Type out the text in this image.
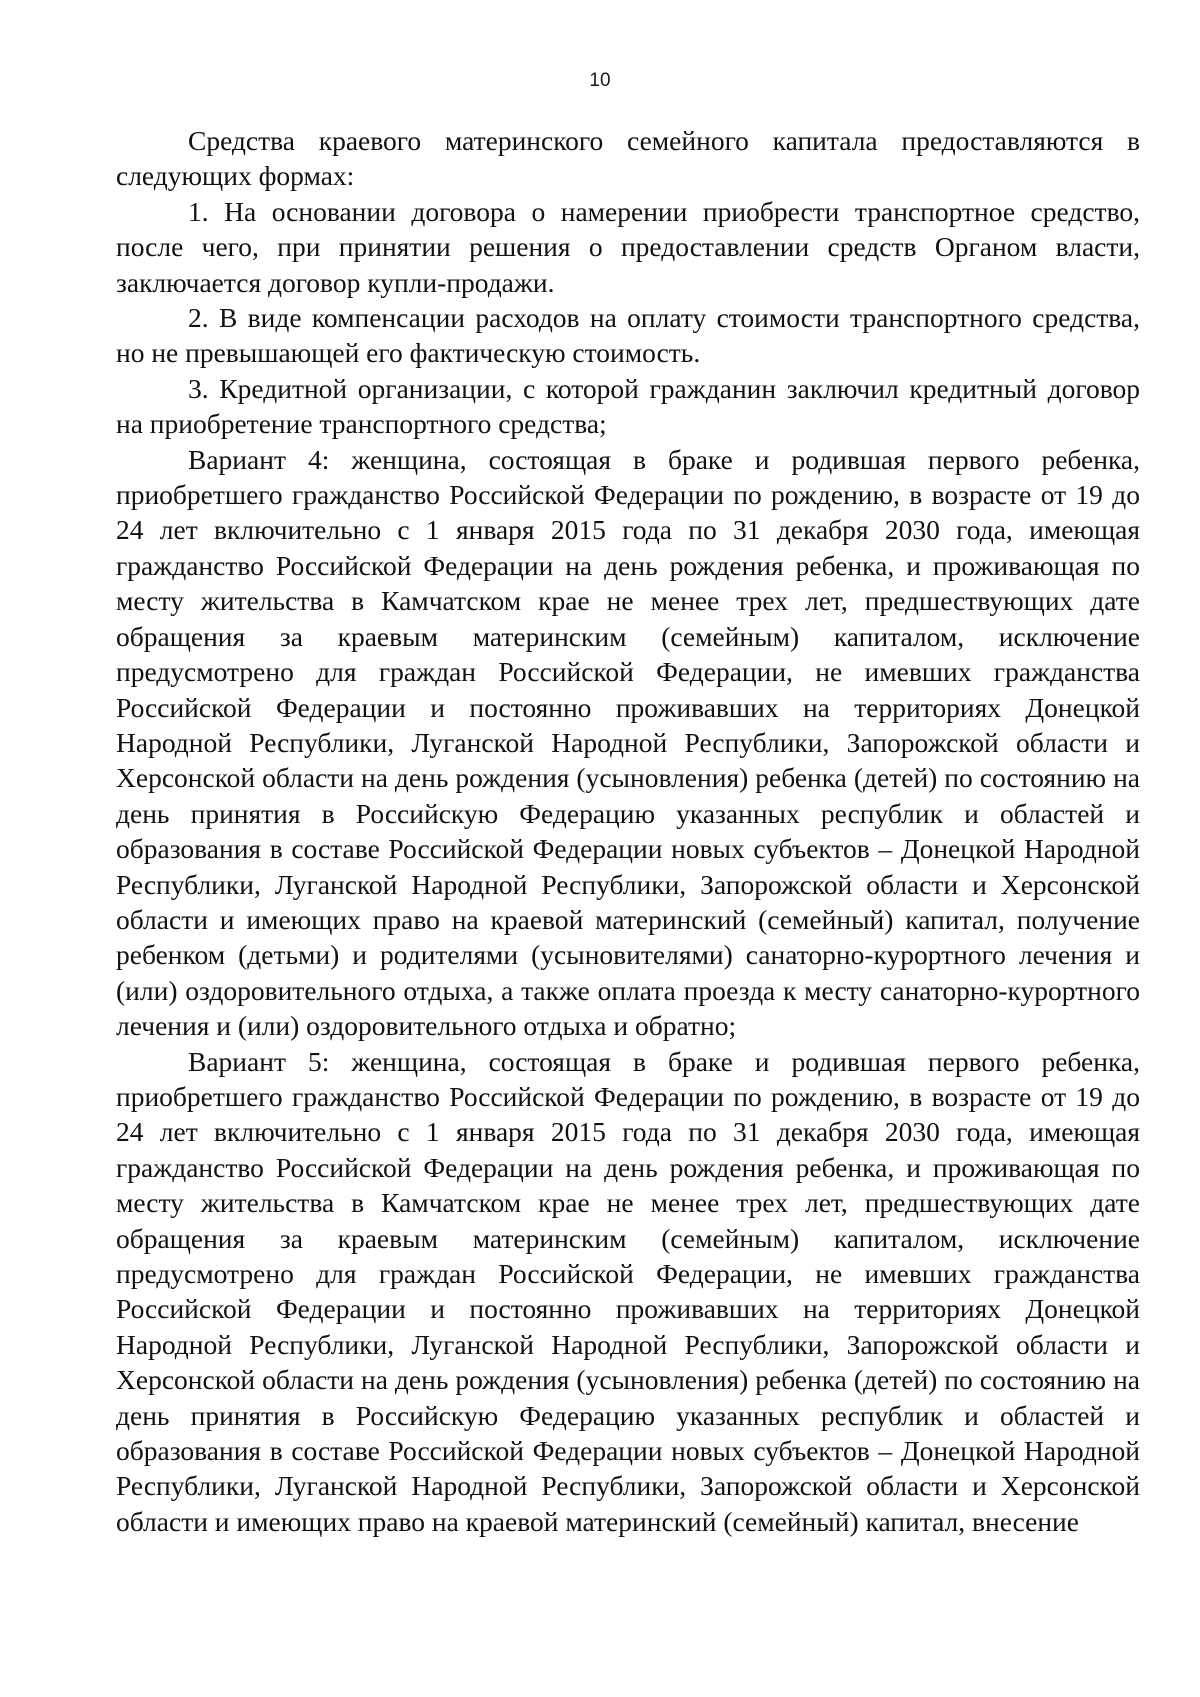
10

Средства краевого материнского семейного капитала предоставляются в следующих формах:

1. На основании договора о намерении приобрести транспортное средство, после чего, при принятии решения о предоставлении средств Органом власти, заключается договор купли-продажи.

2. В виде компенсации расходов на оплату стоимости транспортного средства, но не превышающей его фактическую стоимость.

3. Кредитной организации, с которой гражданин заключил кредитный договор на приобретение транспортного средства;

Вариант 4: женщина, состоящая в браке и родившая первого ребенка, приобретшего гражданство Российской Федерации по рождению, в возрасте от 19 до 24 лет включительно с 1 января 2015 года по 31 декабря 2030 года, имеющая гражданство Российской Федерации на день рождения ребенка, и проживающая по месту жительства в Камчатском крае не менее трех лет, предшествующих дате обращения за краевым материнским (семейным) капиталом, исключение предусмотрено для граждан Российской Федерации, не имевших гражданства Российской Федерации и постоянно проживавших на территориях Донецкой Народной Республики, Луганской Народной Республики, Запорожской области и Херсонской области на день рождения (усыновления) ребенка (детей) по состоянию на день принятия в Российскую Федерацию указанных республик и областей и образования в составе Российской Федерации новых субъектов – Донецкой Народной Республики, Луганской Народной Республики, Запорожской области и Херсонской области и имеющих право на краевой материнский (семейный) капитал, получение ребенком (детьми) и родителями (усыновителями) санаторно-курортного лечения и (или) оздоровительного отдыха, а также оплата проезда к месту санаторно-курортного лечения и (или) оздоровительного отдыха и обратно;

Вариант 5: женщина, состоящая в браке и родившая первого ребенка, приобретшего гражданство Российской Федерации по рождению, в возрасте от 19 до 24 лет включительно с 1 января 2015 года по 31 декабря 2030 года, имеющая гражданство Российской Федерации на день рождения ребенка, и проживающая по месту жительства в Камчатском крае не менее трех лет, предшествующих дате обращения за краевым материнским (семейным) капиталом, исключение предусмотрено для граждан Российской Федерации, не имевших гражданства Российской Федерации и постоянно проживавших на территориях Донецкой Народной Республики, Луганской Народной Республики, Запорожской области и Херсонской области на день рождения (усыновления) ребенка (детей) по состоянию на день принятия в Российскую Федерацию указанных республик и областей и образования в составе Российской Федерации новых субъектов – Донецкой Народной Республики, Луганской Народной Республики, Запорожской области и Херсонской области и имеющих право на краевой материнский (семейный) капитал, внесение
